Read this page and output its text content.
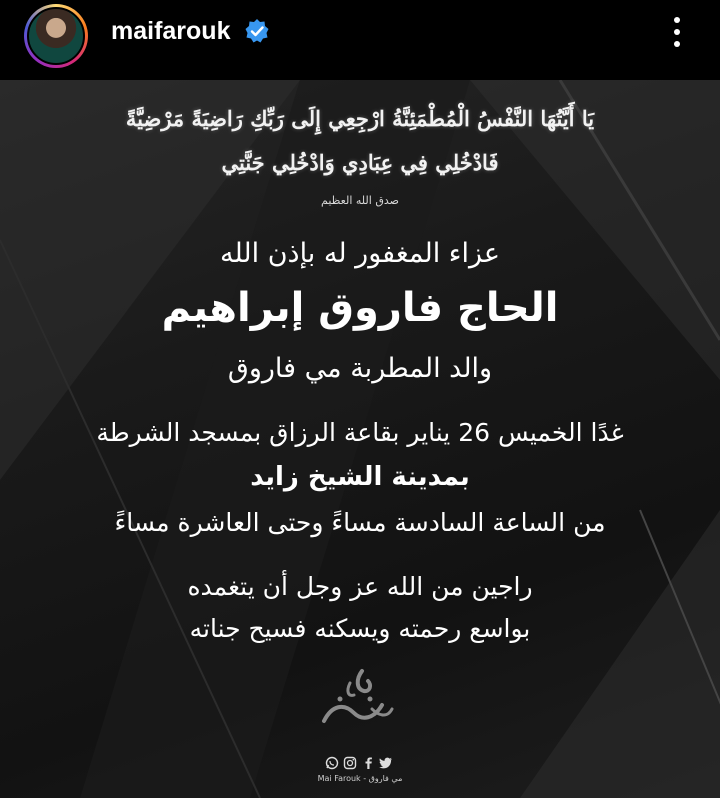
maifarouk
يَا أَيَّتُهَا النَّفْسُ الْمُطْمَئِنَّةُ ارْجِعِي إِلَى رَبِّكِ رَاضِيَةً مَرْضِيَّةً
فَادْخُلِي فِي عِبَادِي وَادْخُلِي جَنَّتِي
صدق الله العظيم
عزاء المغفور له بإذن الله
الحاج فاروق إبراهيم
والد المطربة مي فاروق
غدًا الخميس 26 يناير بقاعة الرزاق بمسجد الشرطة
بمدينة الشيخ زايد
من الساعة السادسة مساءً وحتى العاشرة مساءً
راجين من الله عز وجل أن يتغمده
بواسع رحمته ويسكنه فسيح جناته
Mai Farouk - مي فاروق
